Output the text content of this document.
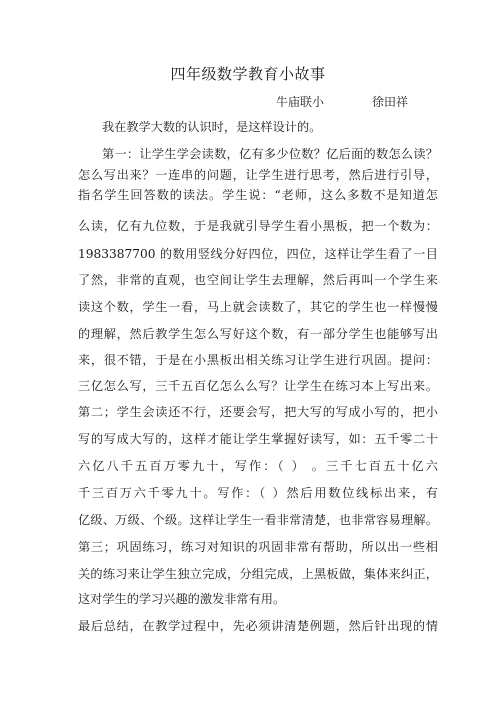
四年级数学教育小故事
牛庙联小	徐田祥
我在教学大数的认识时，是这样设计的。
第一：让学生学会读数，亿有多少位数？亿后面的数怎么读？
怎么写出来？一连串的问题，让学生进行思考，然后进行引导，
指名学生回答数的读法。学生说：“老师，这么多数不是知道怎
么读，亿有九位数，于是我就引导学生看小黑板，把一个数为：
1983387700 的数用竖线分好四位，四位，这样让学生看了一目
了然，非常的直观，也空间让学生去理解，然后再叫一个学生来
读这个数，学生一看，马上就会读数了，其它的学生也一样慢慢
的理解，然后教学生怎么写好这个数，有一部分学生也能够写出
来，很不错，于是在小黑板出相关练习让学生进行巩固。提问：
三亿怎么写，三千五百亿怎么么写？让学生在练习本上写出来。
第二；学生会读还不行，还要会写，把大写的写成小写的，把小
写的写成大写的，这样才能让学生掌握好读写，如：五千零二十
六亿八千五百万零九十，写作：（ ） 。三千七百五十亿六
千三百万六千零九十。写作：（ ）然后用数位线标出来，有
亿级、万级、个级。这样让学生一看非常清楚，也非常容易理解。
第三；巩固练习，练习对知识的巩固非常有帮助，所以出一些相
关的练习来让学生独立完成，分组完成，上黑板做，集体来纠正，
这对学生的学习兴趣的激发非常有用。
最后总结，在教学过程中，先必须讲清楚例题，然后针出现的情
